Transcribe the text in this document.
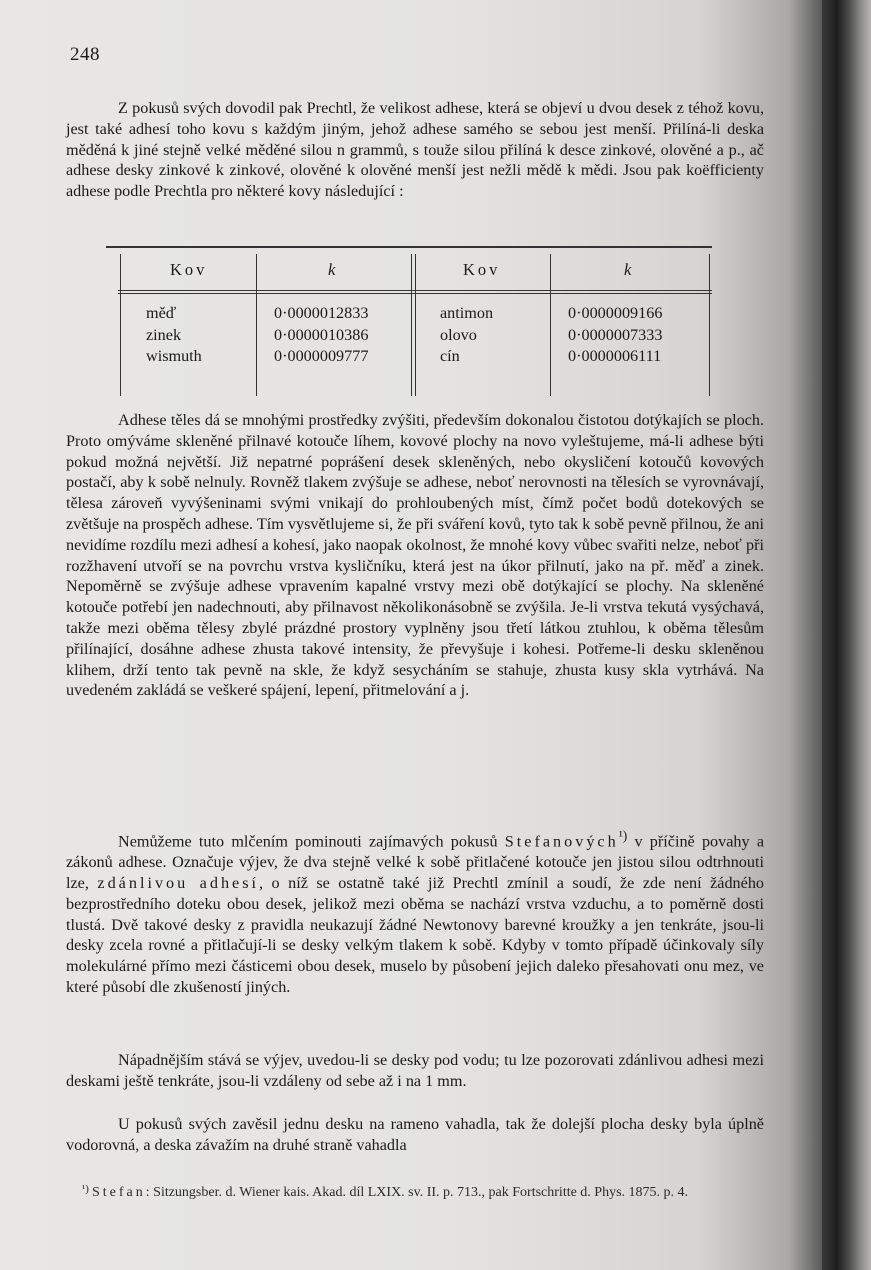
248

Z pokusů svých dovodil pak Prechtl, že velikost adhese, která se objeví u dvou desek z téhož kovu, jest také adhesí toho kovu s každým jiným, jehož adhese samého se sebou jest menší. Přilíná-li deska měděná k jiné stejně velké měděné silou n grammů, s touže silou přilíná k desce zinkové, olověné a p., ač adhese desky zinkové k zinkové, olověné k olověné menší jest nežli mědě k mědi. Jsou pak koëfficienty adhese podle Prechtla pro některé kovy následující :

Kov	k	Kov	k
měď	0·0000012833	antimon	0·0000009166
zinek	0·0000010386	olovo	0·0000007333
wismuth	0·0000009777	cín	0·0000006111

Adhese těles dá se mnohými prostředky zvýšiti, především dokonalou čistotou dotýkajích se ploch. Proto omýváme skleněné přilnavé kotouče líhem, kovové plochy na novo vyleštujeme, má-li adhese býti pokud možná největší. Již nepatrné poprášení desek skleněných, nebo okysličení kotoučů kovových postačí, aby k sobě nelnuly. Rovněž tlakem zvýšuje se adhese, neboť nerovnosti na tělesích se vyrovnávají, tělesa zároveň vyvýšeninami svými vnikají do prohloubených míst, čímž počet bodů dotekových se zvětšuje na prospěch adhese. Tím vysvětlujeme si, že při sváření kovů, tyto tak k sobě pevně přilnou, že ani nevidíme rozdílu mezi adhesí a kohesí, jako naopak okolnost, že mnohé kovy vůbec svařiti nelze, neboť při rozžhavení utvoří se na povrchu vrstva kysličníku, která jest na úkor přilnutí, jako na př. měď a zinek. Nepoměrně se zvýšuje adhese vpravením kapalné vrstvy mezi obě dotýkající se plochy. Na skleněné kotouče potřebí jen nadechnouti, aby přilnavost několikonásobně se zvýšila. Je-li vrstva tekutá vysýchavá, takže mezi oběma tělesy zbylé prázdné prostory vyplněny jsou třetí látkou ztuhlou, k oběma tělesům přilínající, dosáhne adhese zhusta takové intensity, že převyšuje i kohesi. Potřeme-li desku skleněnou klihem, drží tento tak pevně na skle, že když sesycháním se stahuje, zhusta kusy skla vytrhává. Na uvedeném zakládá se veškeré spájení, lepení, přitmelování a j.

Nemůžeme tuto mlčením pominouti zajímavých pokusů Stefanových$^{^1)}$ v příčině povahy a zákonů adhese. Označuje výjev, že dva stejně velké k sobě přitlačené kotouče jen jistou silou odtrhnouti lze, zdánlivou adhesí, o níž se ostatně také již Prechtl zmínil a soudí, že zde není žádného bezprostředního doteku obou desek, jelikož mezi oběma se nachází vrstva vzduchu, a to poměrně dosti tlustá. Dvě takové desky z pravidla neukazují žádné Newtonovy barevné kroužky a jen tenkráte, jsou-li desky zcela rovné a přitlačují-li se desky velkým tlakem k sobě. Kdyby v tomto případě účinkovaly síly molekulárné přímo mezi částicemi obou desek, muselo by působení jejich daleko přesahovati onu mez, ve které působí dle zkušeností jiných.

Nápadnějším stává se výjev, uvedou-li se desky pod vodu; tu lze pozorovati zdánlivou adhesi mezi deskami ještě tenkráte, jsou-li vzdáleny od sebe až i na 1 mm.

U pokusů svých zavěsil jednu desku na rameno vahadla, tak že dolejší plocha desky byla úplně vodorovná, a deska závažím na druhé straně vahadla

¹) Stefan: Sitzungsber. d. Wiener kais. Akad. díl LXIX. sv. II. p. 713., pak Fortschritte d. Phys. 1875. p. 4.
